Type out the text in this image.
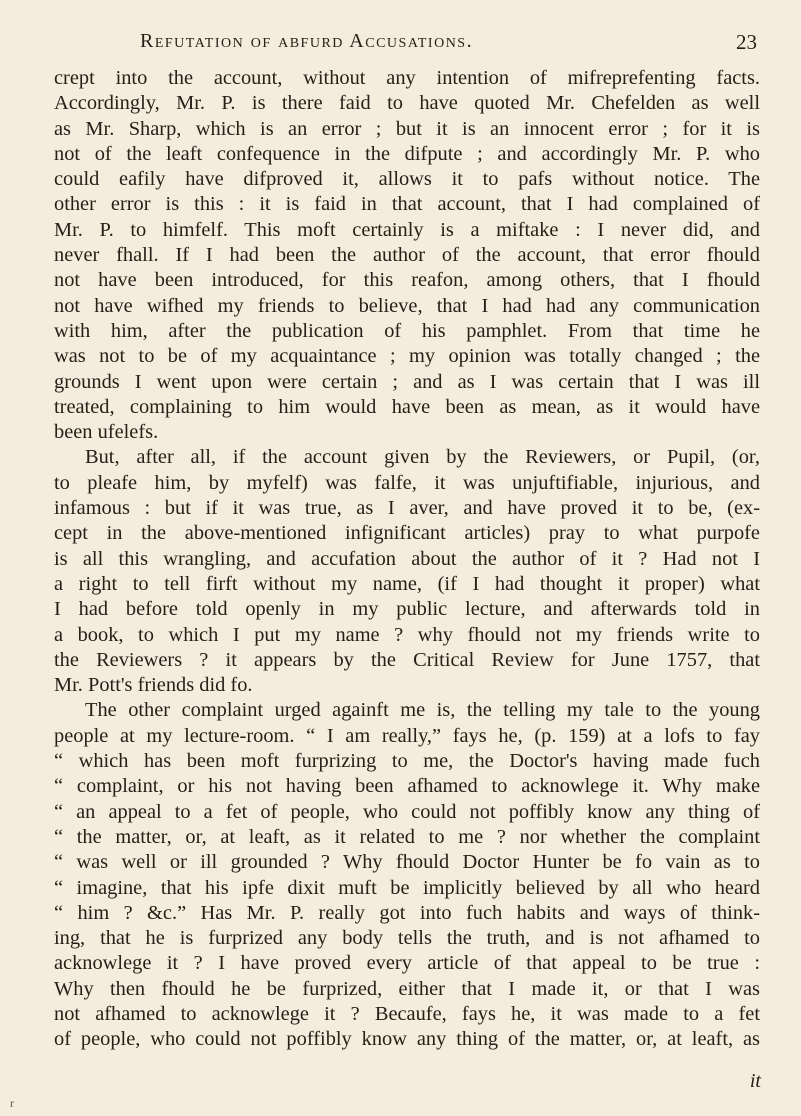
Refutation of abfurd Accusations.	23

crept into the account, without any intention of mifreprefenting facts.

Accordingly, Mr. P. is there faid to have quoted Mr. Chefelden as well

as Mr. Sharp, which is an error ; but it is an innocent error ; for it is

not of the leaft confequence in the difpute ; and accordingly Mr. P. who

could eafily have difproved it, allows it to pafs without notice. The

other error is this : it is faid in that account, that I had complained of

Mr. P. to himfelf. This moft certainly is a miftake : I never did, and

never fhall. If I had been the author of the account, that error fhould

not have been introduced, for this reafon, among others, that I fhould

not have wifhed my friends to believe, that I had had any communication

with him, after the publication of his pamphlet. From that time he

was not to be of my acquaintance ; my opinion was totally changed ; the

grounds I went upon were certain ; and as I was certain that I was ill

treated, complaining to him would have been as mean, as it would have

been ufelefs.

But, after all, if the account given by the Reviewers, or Pupil, (or,

to pleafe him, by myfelf) was falfe, it was unjuftifiable, injurious, and

infamous : but if it was true, as I aver, and have proved it to be, (ex-

cept in the above-mentioned infignificant articles) pray to what purpofe

is all this wrangling, and accufation about the author of it ? Had not I

a right to tell firft without my name, (if I had thought it proper) what

I had before told openly in my public lecture, and afterwards told in

a book, to which I put my name ? why fhould not my friends write to

the Reviewers ? it appears by the Critical Review for June 1757, that

Mr. Pott's friends did fo.

The other complaint urged againft me is, the telling my tale to the young

people at my lecture-room. “ I am really,” fays he, (p. 159) at a lofs to fay

“ which has been moft furprizing to me, the Doctor's having made fuch

“ complaint, or his not having been afhamed to acknowlege it. Why make

“ an appeal to a fet of people, who could not poffibly know any thing of

“ the matter, or, at leaft, as it related to me ? nor whether the complaint

“ was well or ill grounded ? Why fhould Doctor Hunter be fo vain as to

“ imagine, that his ipfe dixit muft be implicitly believed by all who heard

“ him ? &c.” Has Mr. P. really got into fuch habits and ways of think-

ing, that he is furprized any body tells the truth, and is not afhamed to

acknowlege it ? I have proved every article of that appeal to be true :

Why then fhould he be furprized, either that I made it, or that I was

not afhamed to acknowlege it ? Becaufe, fays he, it was made to a fet

of people, who could not poffibly know any thing of the matter, or, at leaft, as

it
r
